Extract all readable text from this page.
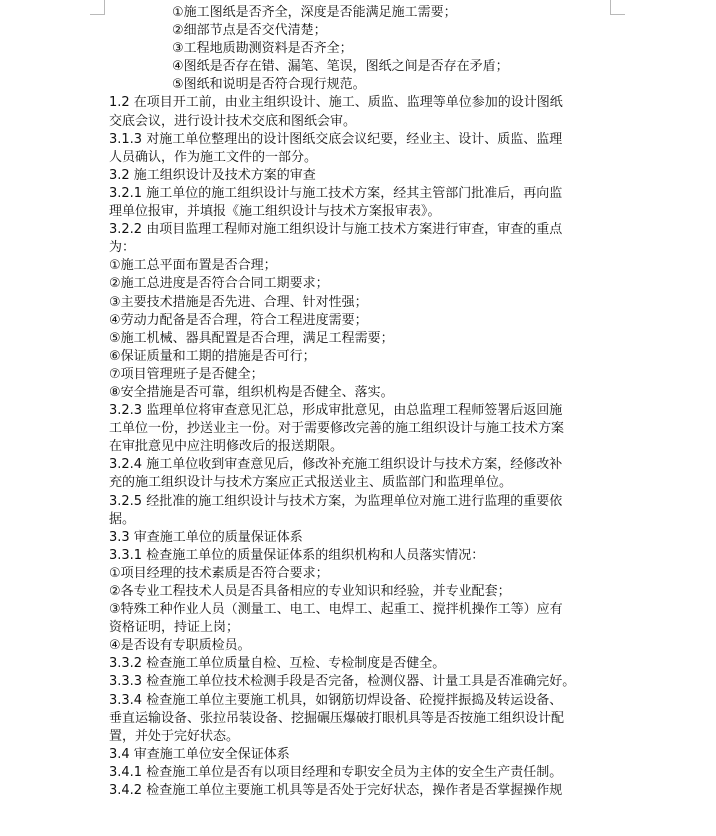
①施工图纸是否齐全，深度是否能满足施工需要；
②细部节点是否交代清楚；
③工程地质勘测资料是否齐全；
④图纸是否存在错、漏笔、笔误，图纸之间是否存在矛盾；
⑤图纸和说明是否符合现行规范。
1.2 在项目开工前，由业主组织设计、施工、质监、监理等单位参加的设计图纸
交底会议，进行设计技术交底和图纸会审。
3.1.3 对施工单位整理出的设计图纸交底会议纪要，经业主、设计、质监、监理
人员确认，作为施工文件的一部分。
3.2 施工组织设计及技术方案的审查
3.2.1 施工单位的施工组织设计与施工技术方案，经其主管部门批准后，再向监
理单位报审，并填报《施工组织设计与技术方案报审表》。
3.2.2 由项目监理工程师对施工组织设计与施工技术方案进行审查，审查的重点
为：
①施工总平面布置是否合理；
②施工总进度是否符合合同工期要求；
③主要技术措施是否先进、合理、针对性强；
④劳动力配备是否合理，符合工程进度需要；
⑤施工机械、器具配置是否合理，满足工程需要；
⑥保证质量和工期的措施是否可行；
⑦项目管理班子是否健全；
⑧安全措施是否可靠，组织机构是否健全、落实。
3.2.3 监理单位将审查意见汇总，形成审批意见，由总监理工程师签署后返回施
工单位一份，抄送业主一份。对于需要修改完善的施工组织设计与施工技术方案
在审批意见中应注明修改后的报送期限。
3.2.4 施工单位收到审查意见后，修改补充施工组织设计与技术方案，经修改补
充的施工组织设计与技术方案应正式报送业主、质监部门和监理单位。
3.2.5 经批准的施工组织设计与技术方案，为监理单位对施工进行监理的重要依
据。
3.3 审查施工单位的质量保证体系
3.3.1 检查施工单位的质量保证体系的组织机构和人员落实情况：
①项目经理的技术素质是否符合要求；
②各专业工程技术人员是否具备相应的专业知识和经验，并专业配套；
③特殊工种作业人员（测量工、电工、电焊工、起重工、搅拌机操作工等）应有
资格证明，持证上岗；
④是否设有专职质检员。
3.3.2 检查施工单位质量自检、互检、专检制度是否健全。
3.3.3 检查施工单位技术检测手段是否完备，检测仪器、计量工具是否准确完好。
3.3.4 检查施工单位主要施工机具，如钢筋切焊设备、砼搅拌振捣及转运设备、
垂直运输设备、张拉吊装设备、挖掘碾压爆破打眼机具等是否按施工组织设计配
置，并处于完好状态。
3.4 审查施工单位安全保证体系
3.4.1 检查施工单位是否有以项目经理和专职安全员为主体的安全生产责任制。
3.4.2 检查施工单位主要施工机具等是否处于完好状态，操作者是否掌握操作规
